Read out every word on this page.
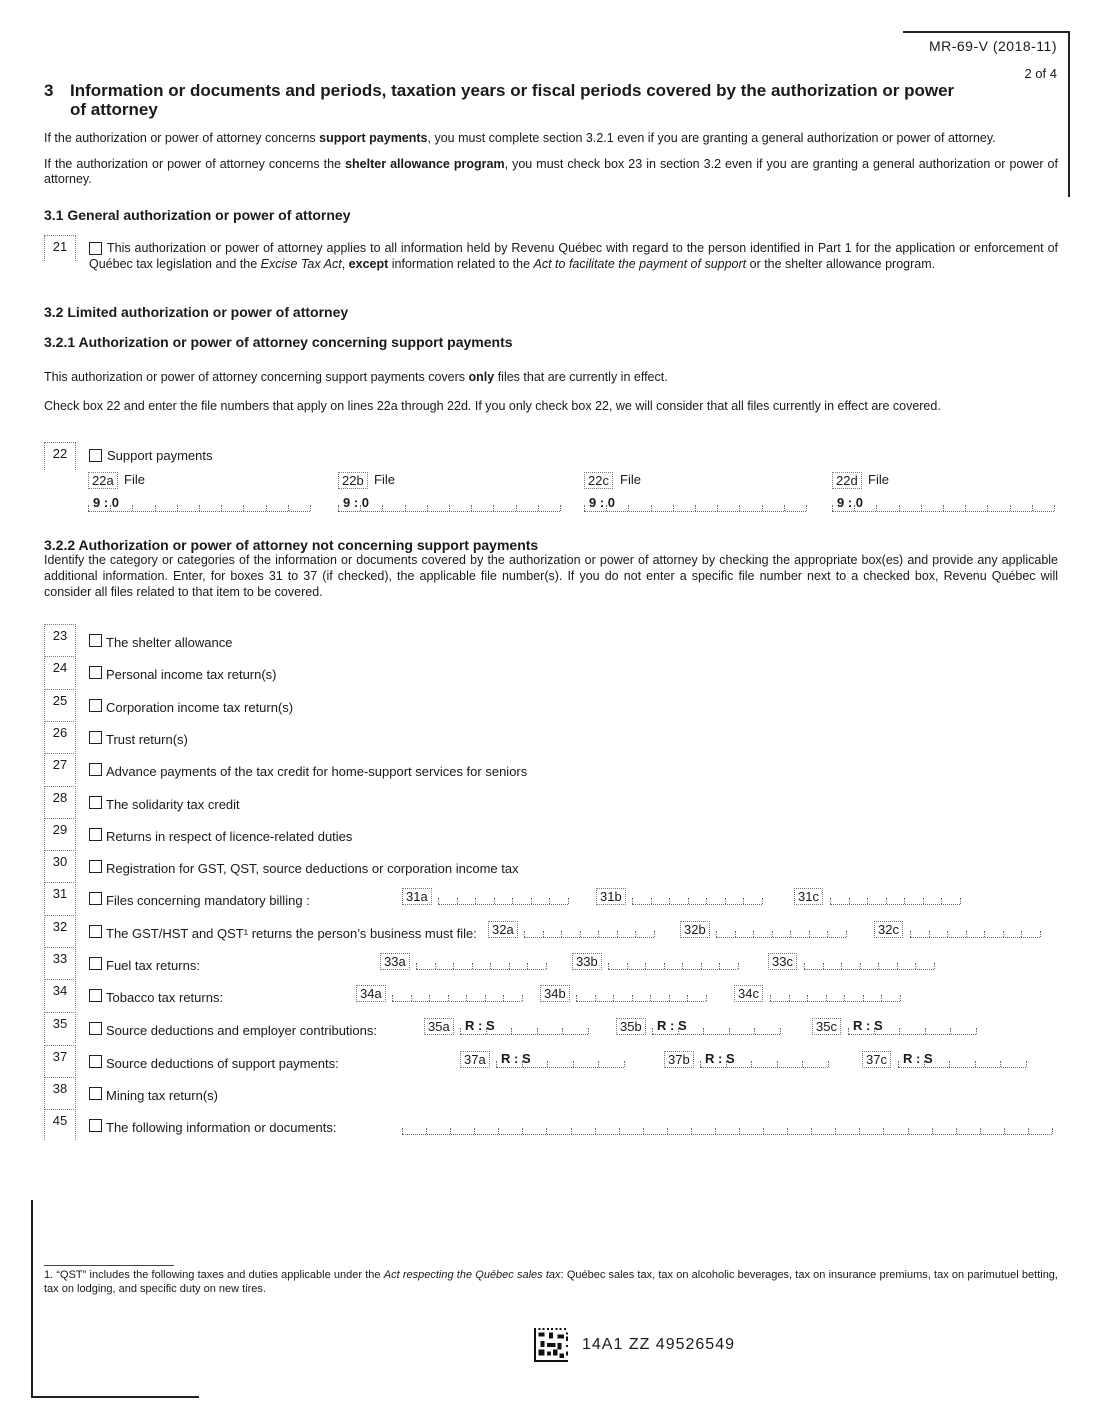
MR-69-V (2018-11)
2 of 4
3 Information or documents and periods, taxation years or fiscal periods covered by the authorization or power of attorney
If the authorization or power of attorney concerns support payments, you must complete section 3.2.1 even if you are granting a general authorization or power of attorney.
If the authorization or power of attorney concerns the shelter allowance program, you must check box 23 in section 3.2 even if you are granting a general authorization or power of attorney.
3.1 General authorization or power of attorney
21	This authorization or power of attorney applies to all information held by Revenu Québec with regard to the person identified in Part 1 for the application or enforcement of Québec tax legislation and the Excise Tax Act, except information related to the Act to facilitate the payment of support or the shelter allowance program.
3.2 Limited authorization or power of attorney
3.2.1 Authorization or power of attorney concerning support payments
This authorization or power of attorney concerning support payments covers only files that are currently in effect.
Check box 22 and enter the file numbers that apply on lines 22a through 22d. If you only check box 22, we will consider that all files currently in effect are covered.
22	Support payments
22a File
9 : 0
22b File
9 : 0
22c File
9 : 0
22d File
9 : 0
3.2.2 Authorization or power of attorney not concerning support payments
Identify the category or categories of the information or documents covered by the authorization or power of attorney by checking the appropriate box(es) and provide any applicable additional information. Enter, for boxes 31 to 37 (if checked), the applicable file number(s). If you do not enter a specific file number next to a checked box, Revenu Québec will consider all files related to that item to be covered.
23	The shelter allowance
24	Personal income tax return(s)
25	Corporation income tax return(s)
26	Trust return(s)
27	Advance payments of the tax credit for home-support services for seniors
28	The solidarity tax credit
29	Returns in respect of licence-related duties
30	Registration for GST, QST, source deductions or corporation income tax
31	Files concerning mandatory billing :	31a	31b	31c
32	The GST/HST and QST¹ returns the person’s business must file:	32a	32b	32c
33	Fuel tax returns:	33a	33b	33c
34	Tobacco tax returns:	34a	34b	34c
35	Source deductions and employer contributions:	35a	R : S	35b	R : S	35c	R : S
37	Source deductions of support payments:	37a	R : S	37b	R : S	37c	R : S
38	Mining tax return(s)
45	The following information or documents:
1. “QST” includes the following taxes and duties applicable under the Act respecting the Québec sales tax: Québec sales tax, tax on alcoholic beverages, tax on insurance premiums, tax on parimutuel betting, tax on lodging, and specific duty on new tires.
14A1 ZZ 49526549
